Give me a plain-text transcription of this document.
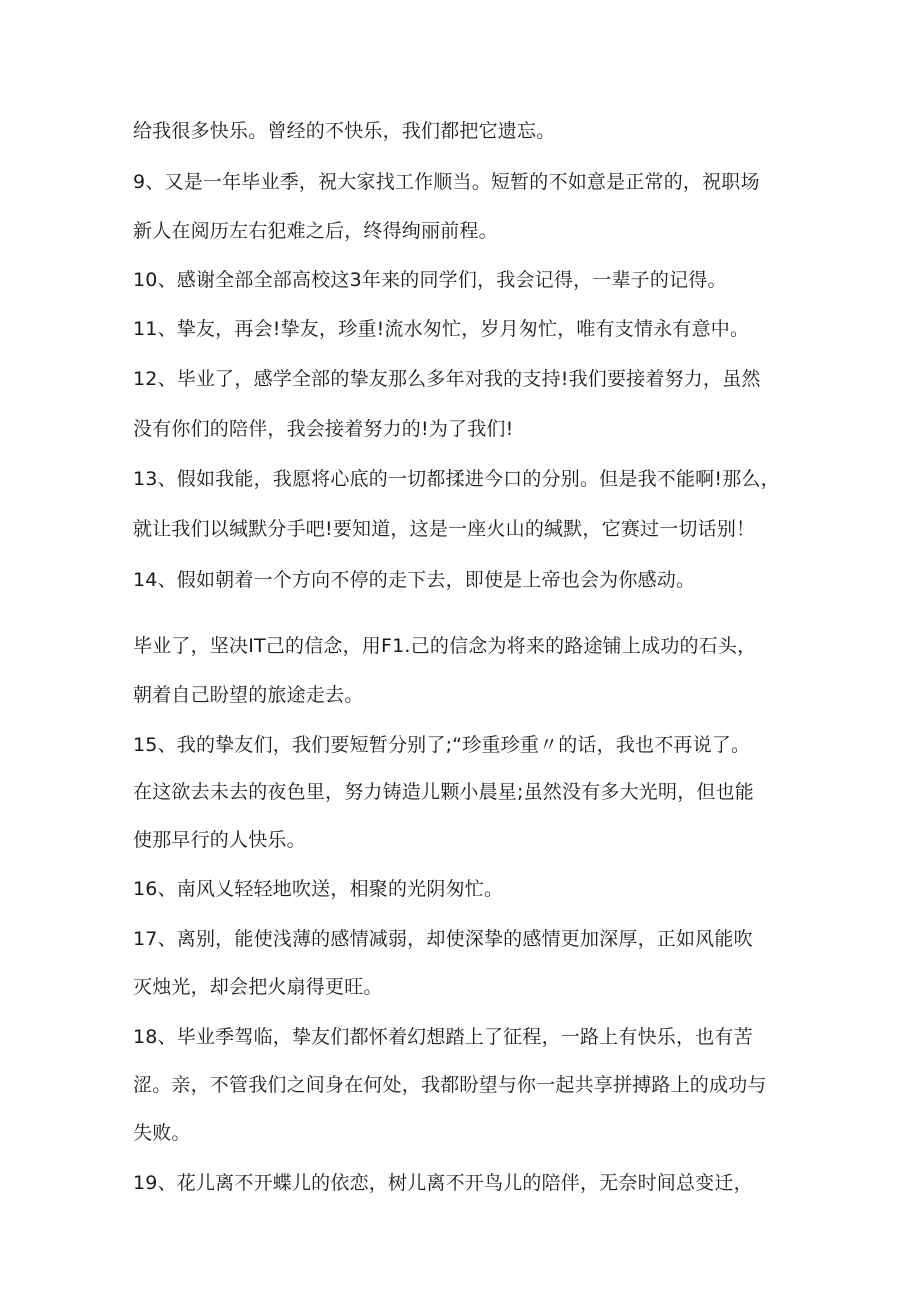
给我很多快乐。曾经的不快乐，我们都把它遗忘。
9、又是一年毕业季，祝大家找工作顺当。短暂的不如意是正常的，祝职场
新人在阅历左右犯难之后，终得绚丽前程。
10、感谢全部全部高校这3年来的同学们，我会记得，一辈子的记得。
11、挚友，再会!挚友，珍重!流水匆忙，岁月匆忙，唯有支情永有意中。
12、毕业了，感学全部的挚友那么多年对我的支持!我们要接着努力，虽然
没有你们的陪伴，我会接着努力的!为了我们!
13、假如我能，我愿将心底的一切都揉进今口的分别。但是我不能啊!那么，
就让我们以缄默分手吧!要知道，这是一座火山的缄默，它赛过一切话别！
14、假如朝着一个方向不停的走下去，即使是上帝也会为你感动。
毕业了，坚决IT己的信念，用F1.己的信念为将来的路途铺上成功的石头，
朝着自己盼望的旅途走去。
15、我的挚友们，我们要短暂分别了;“珍重珍重〃的话，我也不再说了。
在这欲去未去的夜色里，努力铸造儿颗小晨星;虽然没有多大光明，但也能
使那早行的人快乐。
16、南风乂轻轻地吹送，相聚的光阴匆忙。
17、离别，能使浅薄的感情减弱，却使深挚的感情更加深厚，正如风能吹
灭烛光，却会把火扇得更旺。
18、毕业季驾临，挚友们都怀着幻想踏上了征程，一路上有快乐，也有苦
涩。亲，不管我们之间身在何处，我都盼望与你一起共享拼搏路上的成功与
失败。
19、花儿离不开蝶儿的依恋，树儿离不开鸟儿的陪伴，无奈时间总变迁，
